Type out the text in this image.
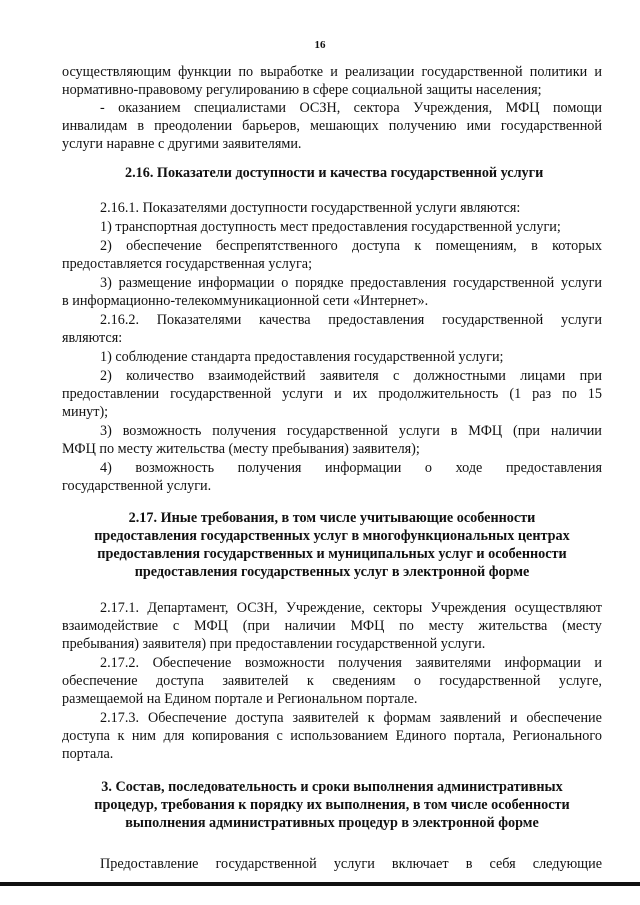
16
осуществляющим функции по выработке и реализации государственной политики и
нормативно-правовому регулированию в сфере социальной защиты населения;
- оказанием специалистами ОСЗН, сектора Учреждения, МФЦ помощи
инвалидам в преодолении барьеров, мешающих получению ими государственной
услуги наравне с другими заявителями.
2.16. Показатели доступности и качества государственной услуги
2.16.1. Показателями доступности государственной услуги являются:
1) транспортная доступность мест предоставления государственной услуги;
2) обеспечение беспрепятственного доступа к помещениям, в которых
предоставляется государственная услуга;
3) размещение информации о порядке предоставления государственной услуги
в информационно-телекоммуникационной сети «Интернет».
2.16.2. Показателями качества предоставления государственной услуги
являются:
1) соблюдение стандарта предоставления государственной услуги;
2) количество взаимодействий заявителя с должностными лицами при
предоставлении государственной услуги и их продолжительность (1 раз по 15
минут);
3) возможность получения государственной услуги в МФЦ (при наличии
МФЦ по месту жительства (месту пребывания) заявителя);
4) возможность получения информации о ходе предоставления
государственной услуги.
2.17. Иные требования, в том числе учитывающие особенности
предоставления государственных услуг в многофункциональных центрах
предоставления государственных и муниципальных услуг и особенности
предоставления государственных услуг в электронной форме
2.17.1. Департамент, ОСЗН, Учреждение, секторы Учреждения осуществляют
взаимодействие с МФЦ (при наличии МФЦ по месту жительства (месту
пребывания) заявителя) при предоставлении государственной услуги.
2.17.2. Обеспечение возможности получения заявителями информации и
обеспечение доступа заявителей к сведениям о государственной услуге,
размещаемой на Едином портале и Региональном портале.
2.17.3. Обеспечение доступа заявителей к формам заявлений и обеспечение
доступа к ним для копирования с использованием Единого портала, Регионального
портала.
3. Состав, последовательность и сроки выполнения административных
процедур, требования к порядку их выполнения, в том числе особенности
выполнения административных процедур в электронной форме
Предоставление государственной услуги включает в себя следующие
